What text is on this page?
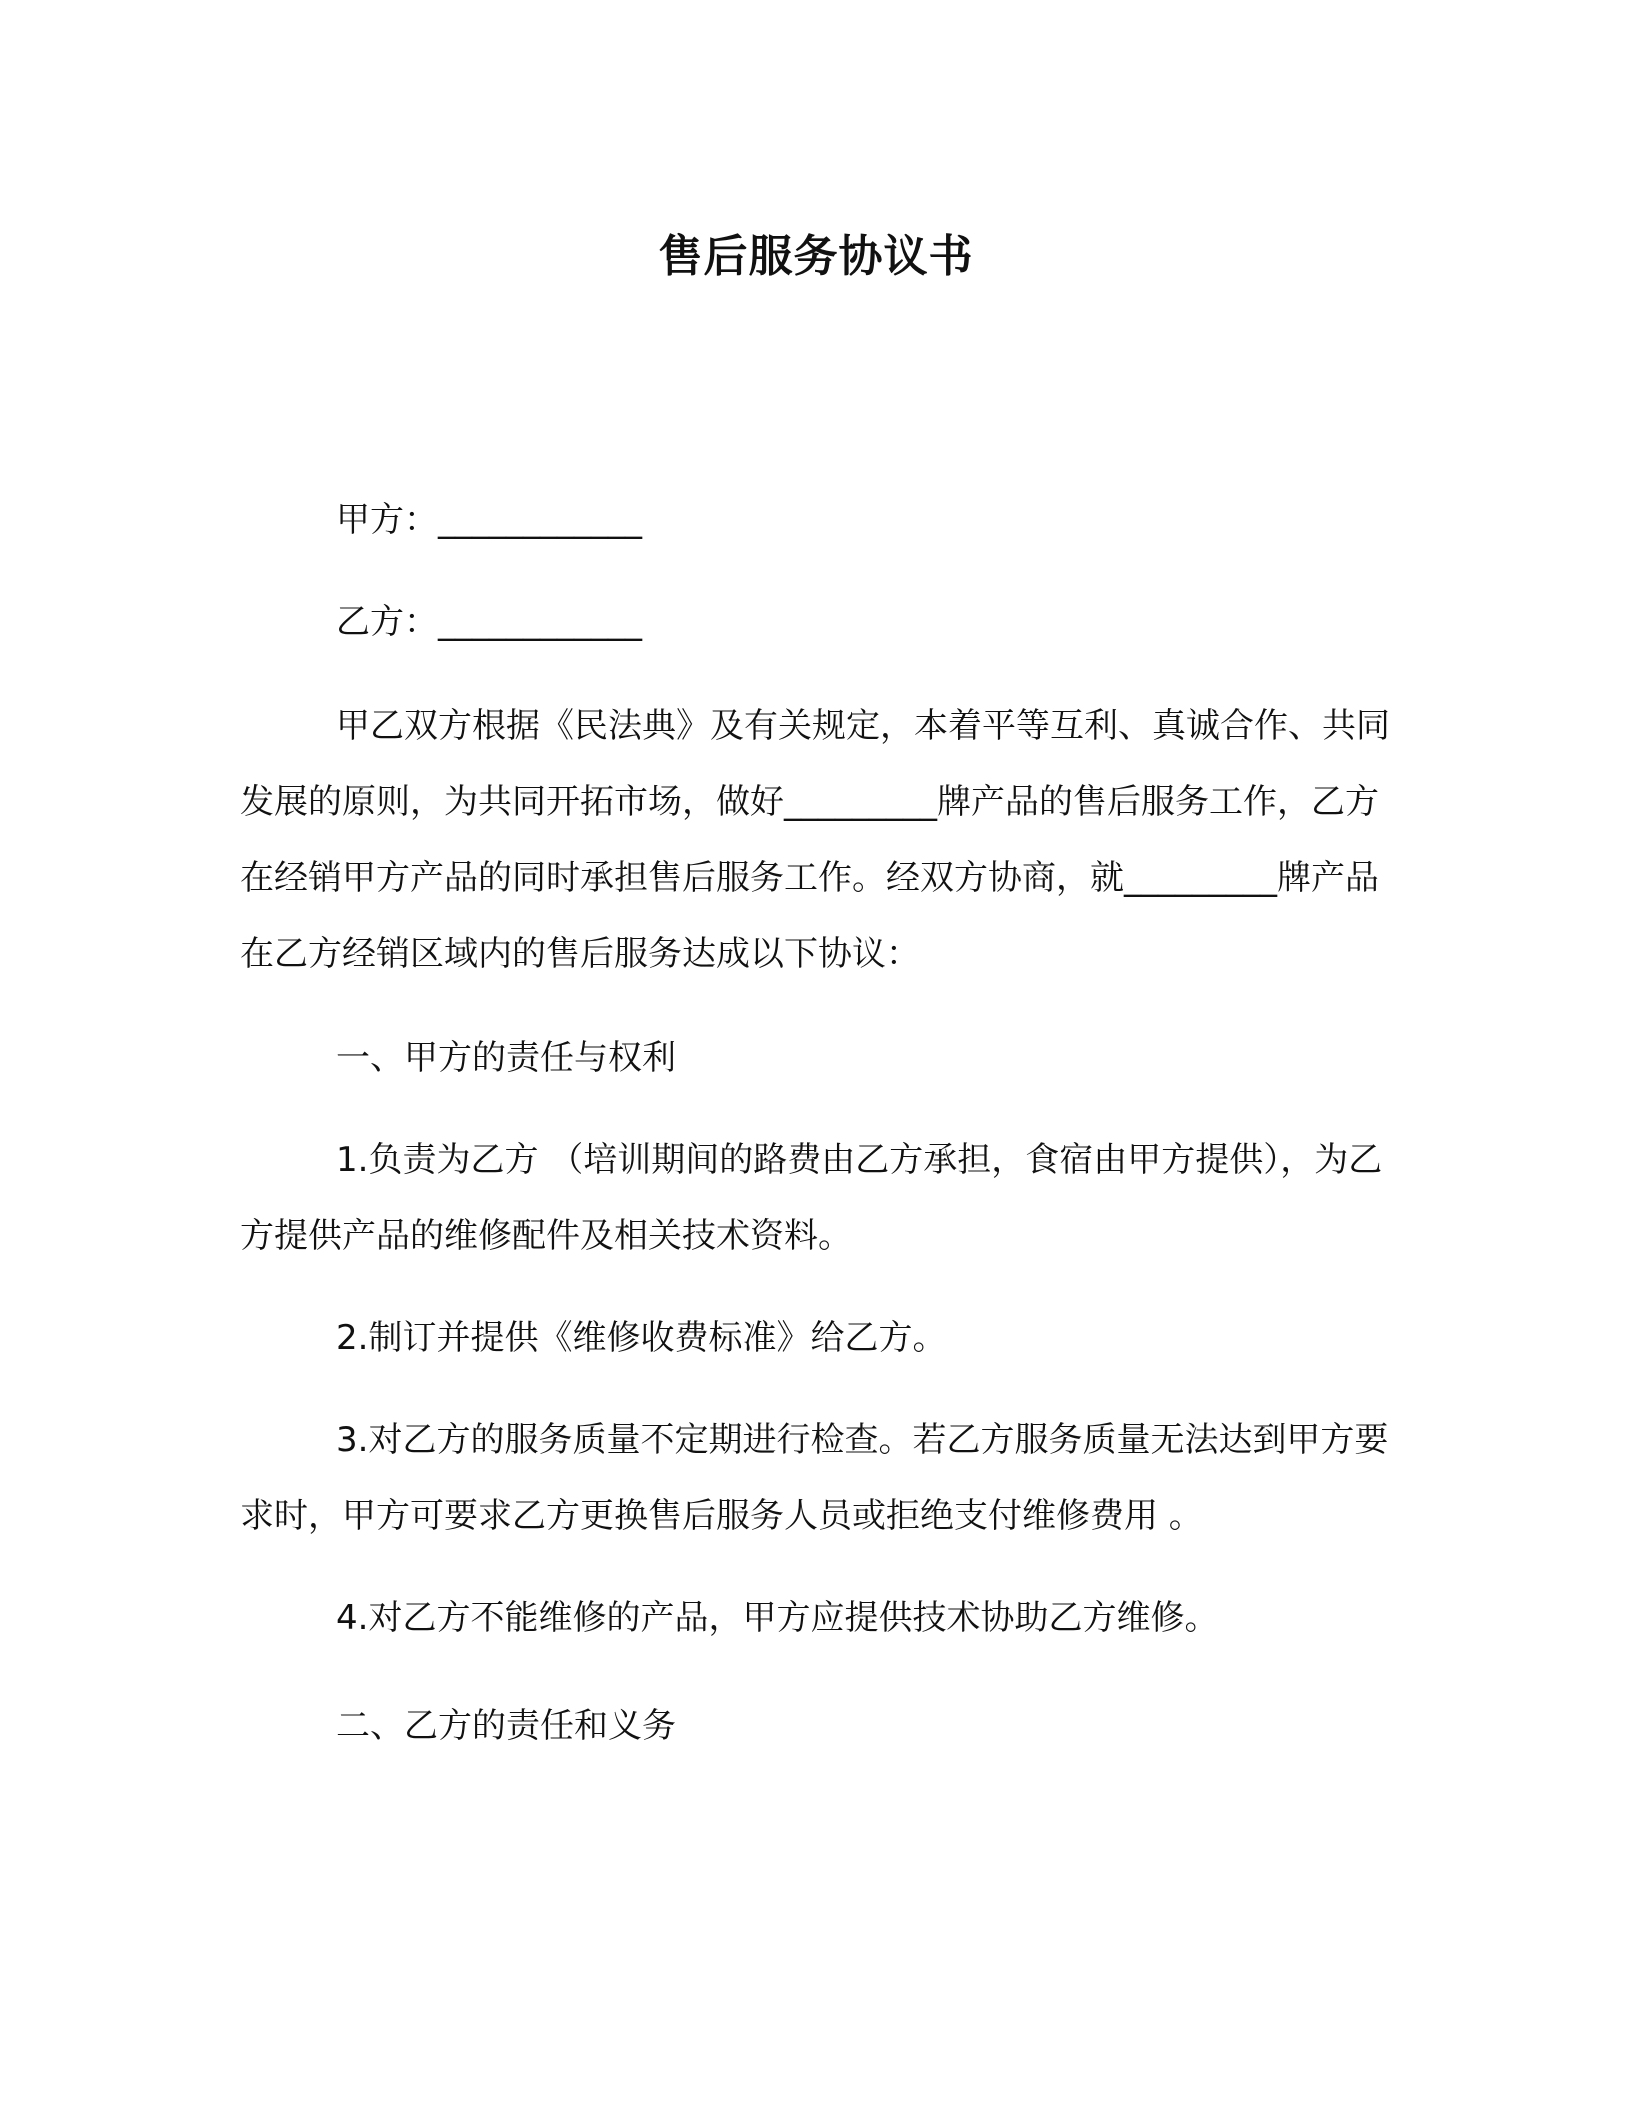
售后服务协议书
甲方：____________
乙方：____________
甲乙双方根据《民法典》及有关规定，本着平等互利、真诚合作、共同发展的原则，为共同开拓市场，做好_________牌产品的售后服务工作，乙方在经销甲方产品的同时承担售后服务工作。经双方协商，就_________牌产品在乙方经销区域内的售后服务达成以下协议：
一、甲方的责任与权利
1.负责为乙方 （培训期间的路费由乙方承担，食宿由甲方提供），为乙方提供产品的维修配件及相关技术资料。
2.制订并提供《维修收费标准》给乙方。
3.对乙方的服务质量不定期进行检查。若乙方服务质量无法达到甲方要求时，甲方可要求乙方更换售后服务人员或拒绝支付维修费用 。
4.对乙方不能维修的产品，甲方应提供技术协助乙方维修。
二、乙方的责任和义务
